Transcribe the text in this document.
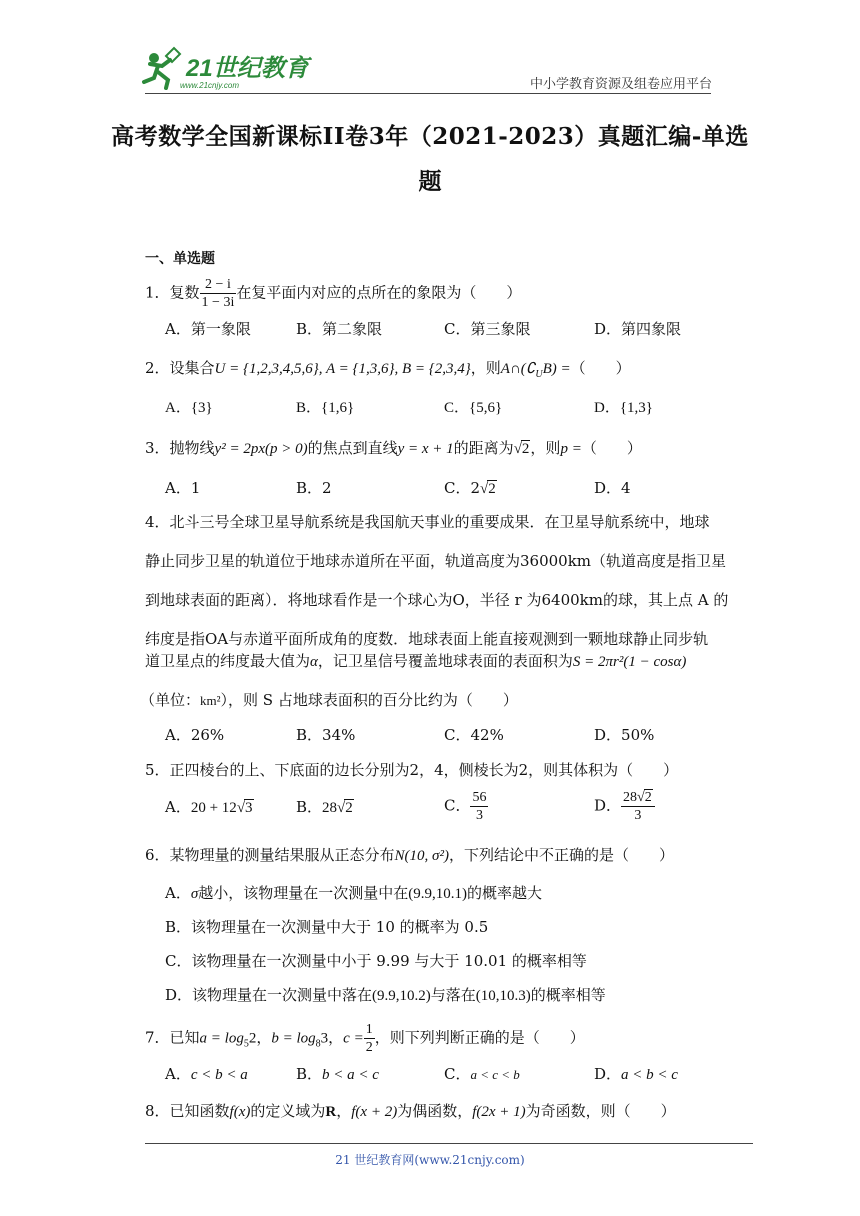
21世纪教育
www.21cnjy.com	中小学教育资源及组卷应用平台
高考数学全国新课标II卷3年（2021-2023）真题汇编-单选
题
一、单选题
1．复数 $\frac{2 - i}{1 - 3i}$ 在复平面内对应的点所在的象限为（　　）
A．第一象限	B．第二象限	C．第三象限	D．第四象限
2．设集合U = {1,2,3,4,5,6}, A = {1,3,6}, B = {2,3,4}，则$A\cap(∁_UB)$ =（　　）
A．{3}	B．{1,6}	C．{5,6}	D．{1,3}
3．抛物线y² = 2px(p > 0)的焦点到直线y = x + 1的距离为√2，则p =（　　）
A．1	B．2	C．2√2	D．4
4．北斗三号全球卫星导航系统是我国航天事业的重要成果．在卫星导航系统中，地球
静止同步卫星的轨道位于地球赤道所在平面，轨道高度为36000km（轨道高度是指卫星
到地球表面的距离）．将地球看作是一个球心为O，半径 r 为6400km的球，其上点 A 的
纬度是指OA与赤道平面所成角的度数．地球表面上能直接观测到一颗地球静止同步轨
道卫星点的纬度最大值为α，记卫星信号覆盖地球表面的表面积为S = 2πr²(1 − cosα)
（单位：km²），则 S 占地球表面积的百分比约为（　　）
A．26%	B．34%	C．42%	D．50%
5．正四棱台的上、下底面的边长分别为2，4，侧棱长为2，则其体积为（　　）
A．20 + 12√3	B．28√2	C． $\frac{56}{3}$	D． $\frac{28√2}{3}$
6．某物理量的测量结果服从正态分布N(10, σ²)，下列结论中不正确的是（　　）
A．σ越小，该物理量在一次测量中在(9.9,10.1)的概率越大
B．该物理量在一次测量中大于 10 的概率为 0.5
C．该物理量在一次测量中小于 9.99 与大于 10.01 的概率相等
D．该物理量在一次测量中落在(9.9,10.2)与落在(10,10.3)的概率相等
7．已知$a = \log_52$，$b = \log_83$，$c = \frac{1}{2}$ ，则下列判断正确的是（　　）
A．c < b < a	B．b < a < c	C．a < c < b	D．a < b < c
8．已知函数f(x)的定义域为R，f(x + 2)为偶函数，f(2x + 1)为奇函数，则（　　）
21 世纪教育网(www.21cnjy.com)
